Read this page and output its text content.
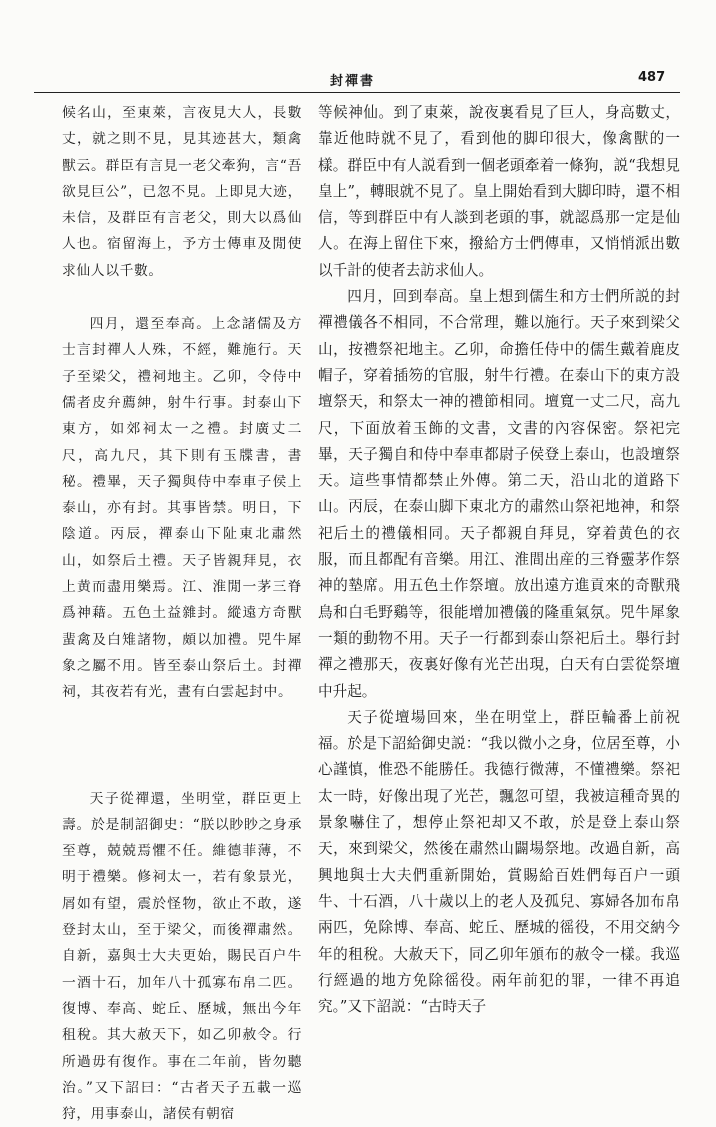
封禪書	487

候名山，至東萊，言夜見大人，長數丈，就之則不見，見其迹甚大，類禽獸云。群臣有言見一老父牽狗，言“吾欲見巨公”，已忽不見。上即見大迹，未信，及群臣有言老父，則大以爲仙人也。宿留海上，予方士傳車及閒使求仙人以千數。

四月，還至奉高。上念諸儒及方士言封禪人人殊，不經，難施行。天子至梁父，禮祠地主。乙卯，令侍中儒者皮弁薦紳，射牛行事。封泰山下東方，如郊祠太一之禮。封廣丈二尺，高九尺，其下則有玉牒書，書秘。禮畢，天子獨與侍中奉車子侯上泰山，亦有封。其事皆禁。明日，下陰道。丙辰，禪泰山下阯東北肅然山，如祭后土禮。天子皆親拜見，衣上黄而盡用樂焉。江、淮閒一茅三脊爲神藉。五色土益雜封。縱遠方奇獸蜚禽及白雉諸物，頗以加禮。兕牛犀象之屬不用。皆至泰山祭后土。封禪祠，其夜若有光，晝有白雲起封中。

天子從禪還，坐明堂，群臣更上壽。於是制詔御史：“朕以眇眇之身承至尊，兢兢焉懼不任。維德菲薄，不明于禮樂。修祠太一，若有象景光，屑如有望，震於怪物，欲止不敢，遂登封太山，至于梁父，而後禪肅然。自新，嘉與士大夫更始，賜民百户牛一酒十石，加年八十孤寡布帛二匹。復博、奉高、蛇丘、歷城，無出今年租稅。其大赦天下，如乙卯赦令。行所過毋有復作。事在二年前，皆勿聽治。”又下詔曰：“古者天子五載一巡狩，用事泰山，諸侯有朝宿

等候神仙。到了東萊，說夜裏看見了巨人，身高數丈，靠近他時就不見了，看到他的脚印很大，像禽獸的一樣。群臣中有人説看到一個老頭牽着一條狗，説“我想見皇上”，轉眼就不見了。皇上開始看到大脚印時，還不相信，等到群臣中有人談到老頭的事，就認爲那一定是仙人。在海上留住下來，撥給方士們傳車，又悄悄派出數以千計的使者去訪求仙人。

四月，回到奉高。皇上想到儒生和方士們所説的封禪禮儀各不相同，不合常理，難以施行。天子來到梁父山，按禮祭祀地主。乙卯，命擔任侍中的儒生戴着鹿皮帽子，穿着插笏的官服，射牛行禮。在泰山下的東方設壇祭天，和祭太一神的禮節相同。壇寬一丈二尺，高九尺，下面放着玉飾的文書，文書的內容保密。祭祀完畢，天子獨自和侍中奉車都尉子侯登上泰山，也設壇祭天。這些事情都禁止外傳。第二天，沿山北的道路下山。丙辰，在泰山脚下東北方的肅然山祭祀地神，和祭祀后土的禮儀相同。天子都親自拜見，穿着黄色的衣服，而且都配有音樂。用江、淮間出産的三脊靈茅作祭神的墊席。用五色土作祭壇。放出遠方進貢來的奇獸飛鳥和白毛野鷄等，很能增加禮儀的隆重氣氛。兕牛犀象一類的動物不用。天子一行都到泰山祭祀后土。舉行封禪之禮那天，夜裏好像有光芒出現，白天有白雲從祭壇中升起。

天子從壇場回來，坐在明堂上，群臣輪番上前祝福。於是下詔給御史説：“我以微小之身，位居至尊，小心謹慎，惟恐不能勝任。我德行微薄，不懂禮樂。祭祀太一時，好像出現了光芒，飄忽可望，我被這種奇異的景象嚇住了，想停止祭祀却又不敢，於是登上泰山祭天，來到梁父，然後在肅然山闢場祭地。改過自新，高興地與士大夫們重新開始，賞賜給百姓們每百户一頭牛、十石酒，八十歲以上的老人及孤兒、寡婦各加布帛兩匹，免除博、奉高、蛇丘、歷城的徭役，不用交納今年的租稅。大赦天下，同乙卯年頒布的赦令一樣。我巡行經過的地方免除徭役。兩年前犯的罪，一律不再追究。”又下詔説：“古時天子
